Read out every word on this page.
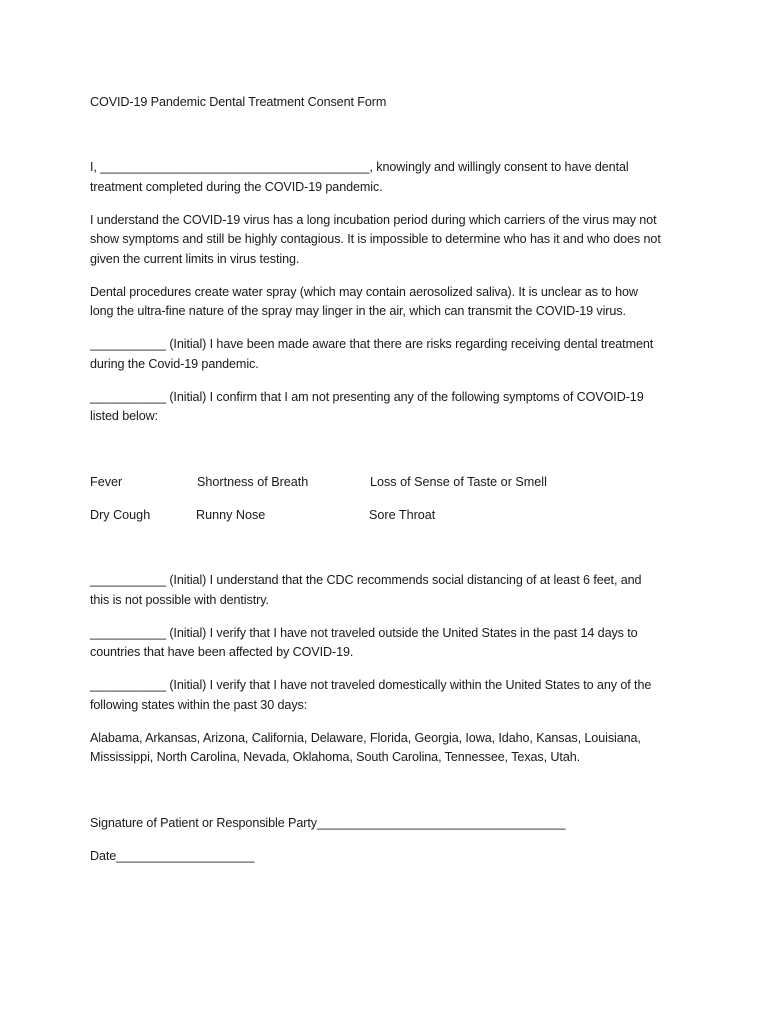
COVID-19 Pandemic Dental Treatment Consent Form
I, _______________________________________, knowingly and willingly consent to have dental
treatment completed during the COVID-19 pandemic.
I understand the COVID-19 virus has a long incubation period during which carriers of the virus may not
show symptoms and still be highly contagious. It is impossible to determine who has it and who does not
given the current limits in virus testing.
Dental procedures create water spray (which may contain aerosolized saliva). It is unclear as to how
long the ultra-fine nature of the spray may linger in the air, which can transmit the COVID-19 virus.
___________ (Initial) I have been made aware that there are risks regarding receiving dental treatment
during the Covid-19 pandemic.
___________ (Initial) I confirm that I am not presenting any of the following symptoms of COVOID-19
listed below:
Fever	Shortness of Breath	Loss of Sense of Taste or Smell
Dry Cough	Runny Nose	Sore Throat
___________ (Initial) I understand that the CDC recommends social distancing of at least 6 feet, and
this is not possible with dentistry.
___________ (Initial) I verify that I have not traveled outside the United States in the past 14 days to
countries that have been affected by COVID-19.
___________ (Initial) I verify that I have not traveled domestically within the United States to any of the
following states within the past 30 days:
Alabama, Arkansas, Arizona, California, Delaware, Florida, Georgia, Iowa, Idaho, Kansas, Louisiana,
Mississippi, North Carolina, Nevada, Oklahoma, South Carolina, Tennessee, Texas, Utah.
Signature of Patient or Responsible Party____________________________________
Date____________________
